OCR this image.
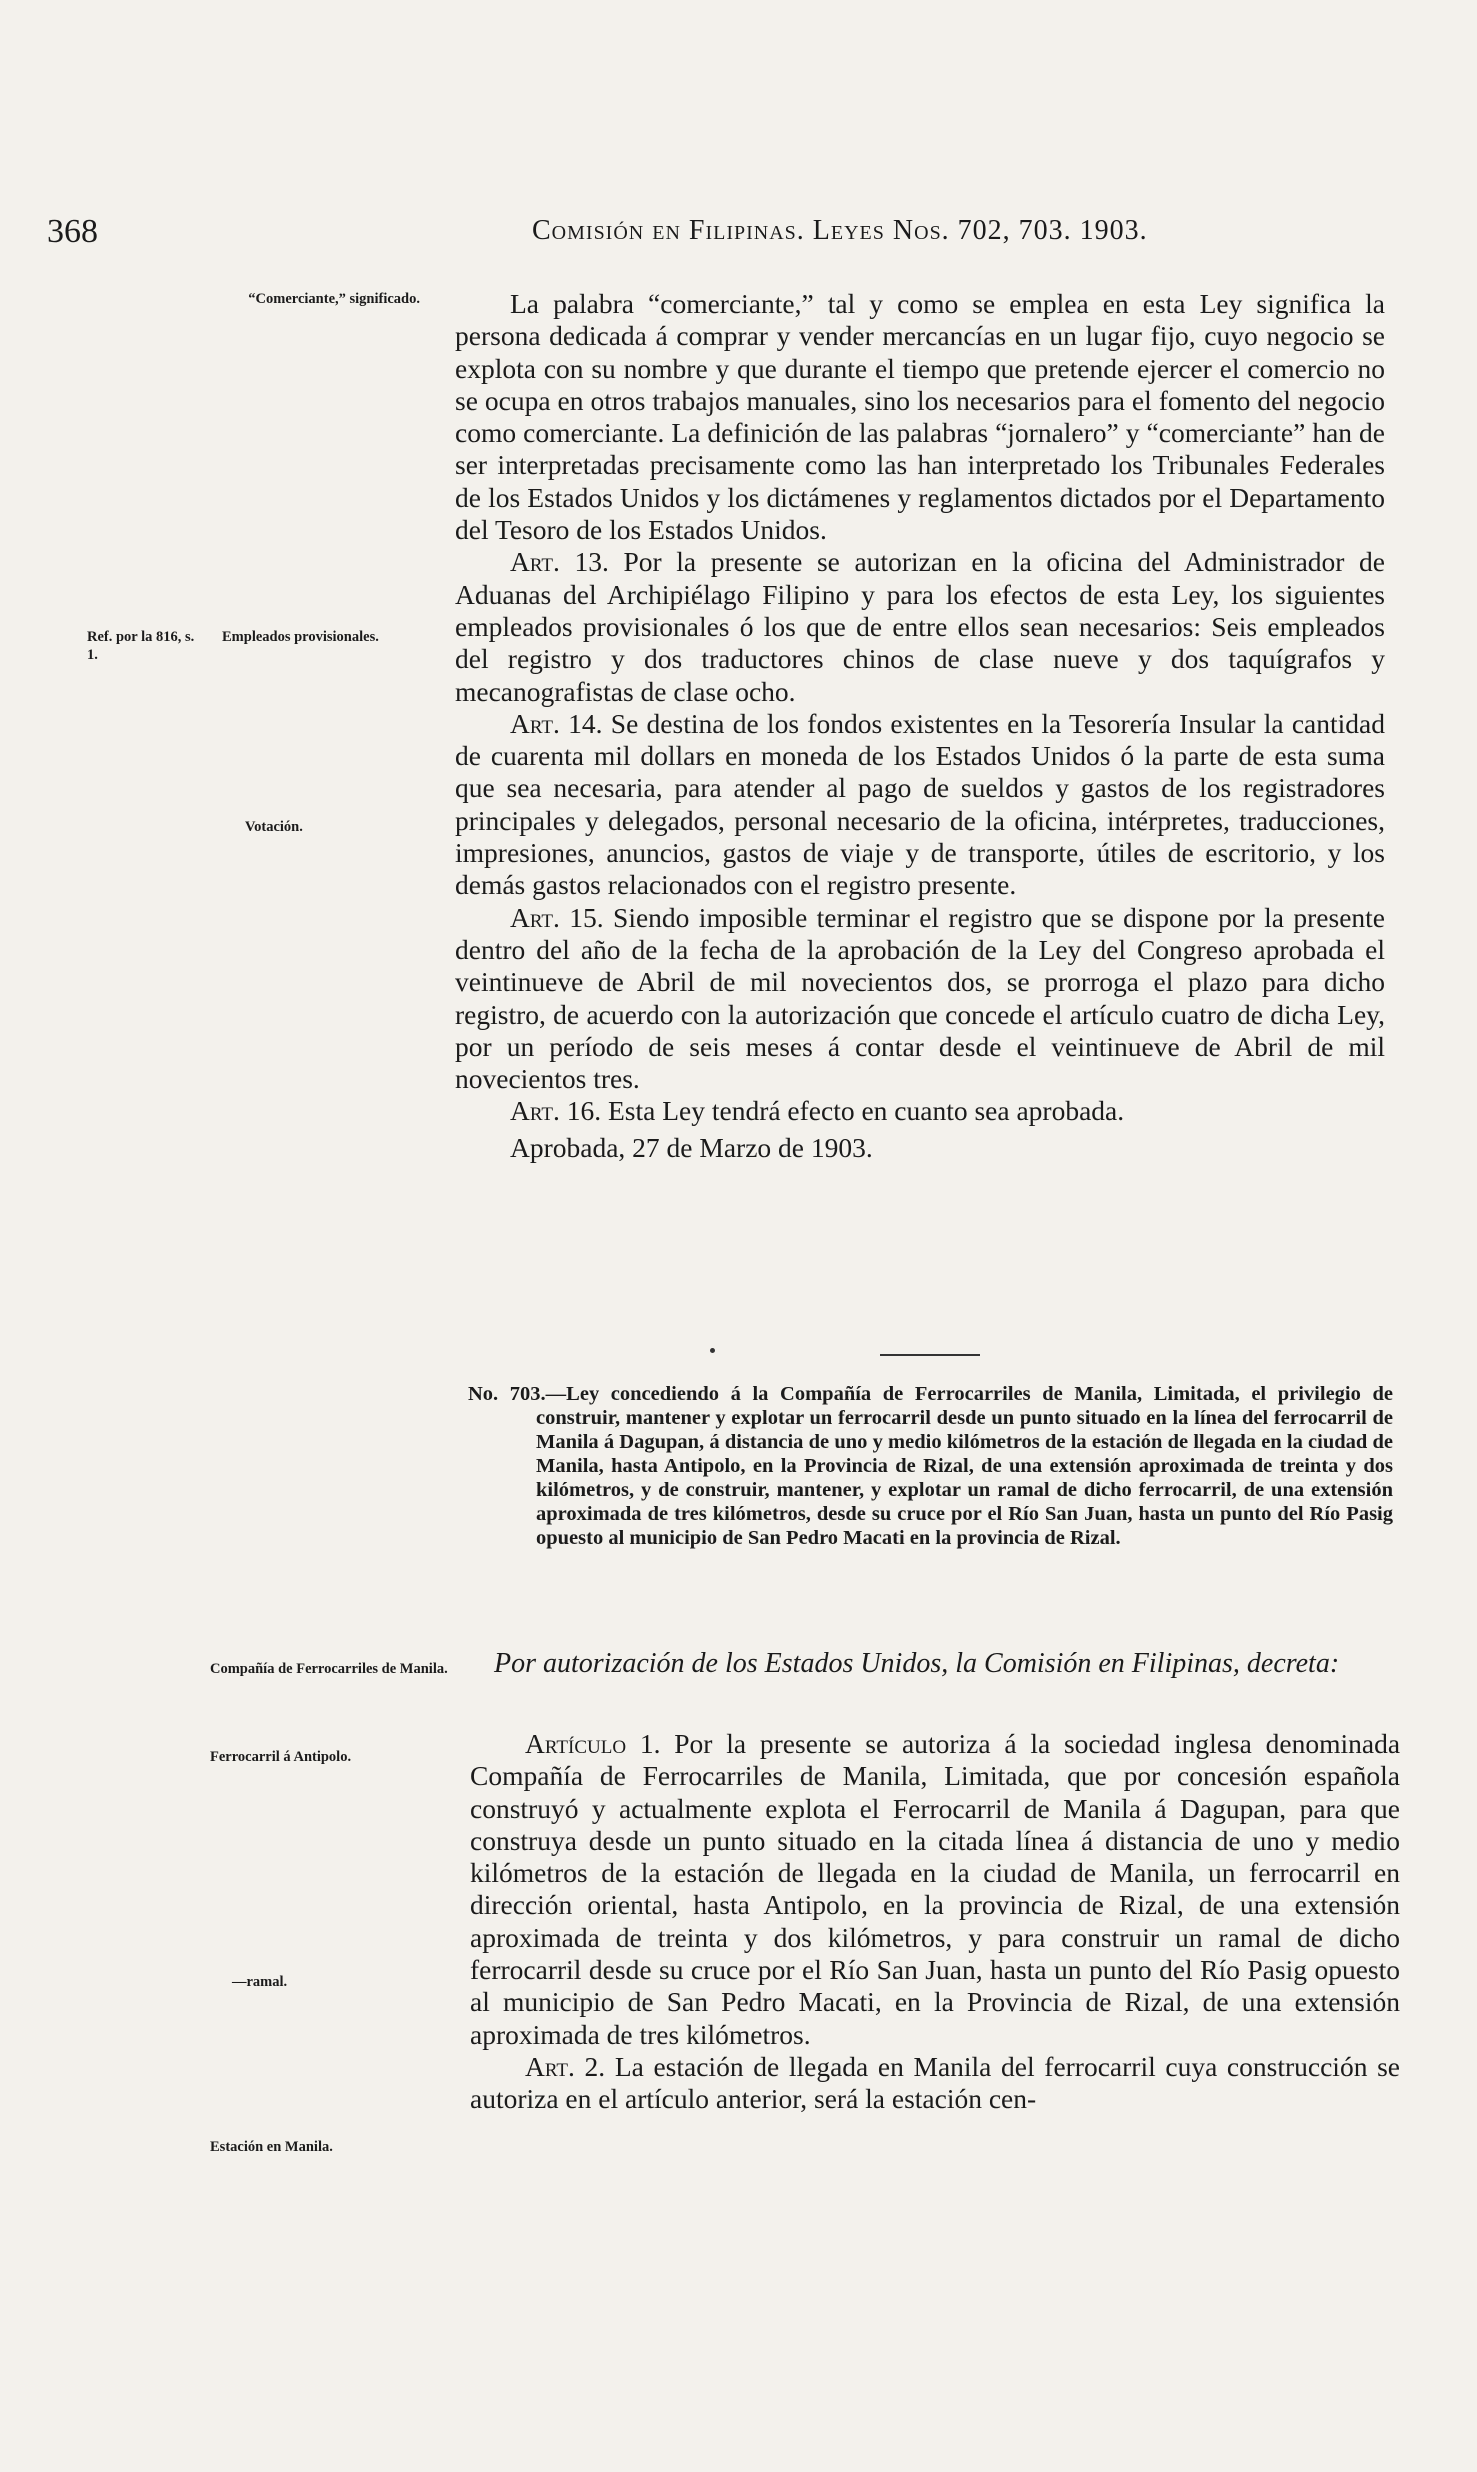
368	Comisión en Filipinas. Leyes Nos. 702, 703. 1903.
“Comerciante,” significado.
Ref. por la 816, s. 1.
Empleados provisionales.
Votación.
Compañía de Ferrocarriles de Manila.
Ferrocarril á Antipolo.
—ramal.
Estación en Manila.

La palabra “comerciante,” tal y como se emplea en esta Ley significa la persona dedicada á comprar y vender mercancías en un lugar fijo, cuyo negocio se explota con su nombre y que durante el tiempo que pretende ejercer el comercio no se ocupa en otros trabajos manuales, sino los necesarios para el fomento del negocio como comerciante. La definición de las palabras “jornalero” y “comerciante” han de ser interpretadas precisamente como las han interpretado los Tribunales Federales de los Estados Unidos y los dictámenes y reglamentos dictados por el Departamento del Tesoro de los Estados Unidos.

Art. 13. Por la presente se autorizan en la oficina del Administrador de Aduanas del Archipiélago Filipino y para los efectos de esta Ley, los siguientes empleados provisionales ó los que de entre ellos sean necesarios: Seis empleados del registro y dos traductores chinos de clase nueve y dos taquígrafos y mecanografistas de clase ocho.

Art. 14. Se destina de los fondos existentes en la Tesorería Insular la cantidad de cuarenta mil dollars en moneda de los Estados Unidos ó la parte de esta suma que sea necesaria, para atender al pago de sueldos y gastos de los registradores principales y delegados, personal necesario de la oficina, intérpretes, traducciones, impresiones, anuncios, gastos de viaje y de transporte, útiles de escritorio, y los demás gastos relacionados con el registro presente.

Art. 15. Siendo imposible terminar el registro que se dispone por la presente dentro del año de la fecha de la aprobación de la Ley del Congreso aprobada el veintinueve de Abril de mil novecientos dos, se prorroga el plazo para dicho registro, de acuerdo con la autorización que concede el artículo cuatro de dicha Ley, por un período de seis meses á contar desde el veintinueve de Abril de mil novecientos tres.

Art. 16. Esta Ley tendrá efecto en cuanto sea aprobada.

Aprobada, 27 de Marzo de 1903.

No. 703.—Ley concediendo á la Compañía de Ferrocarriles de Manila, Limitada, el privilegio de construir, mantener y explotar un ferrocarril desde un punto situado en la línea del ferrocarril de Manila á Dagupan, á distancia de uno y medio kilómetros de la estación de llegada en la ciudad de Manila, hasta Antipolo, en la Provincia de Rizal, de una extensión aproximada de treinta y dos kilómetros, y de construir, mantener, y explotar un ramal de dicho ferrocarril, de una extensión aproximada de tres kilómetros, desde su cruce por el Río San Juan, hasta un punto del Río Pasig opuesto al municipio de San Pedro Macati en la provincia de Rizal.
Por autorización de los Estados Unidos, la Comisión en Filipinas, decreta:

Artículo 1. Por la presente se autoriza á la sociedad inglesa denominada Compañía de Ferrocarriles de Manila, Limitada, que por concesión española construyó y actualmente explota el Ferrocarril de Manila á Dagupan, para que construya desde un punto situado en la citada línea á distancia de uno y medio kilómetros de la estación de llegada en la ciudad de Manila, un ferrocarril en dirección oriental, hasta Antipolo, en la provincia de Rizal, de una extensión aproximada de treinta y dos kilómetros, y para construir un ramal de dicho ferrocarril desde su cruce por el Río San Juan, hasta un punto del Río Pasig opuesto al municipio de San Pedro Macati, en la Provincia de Rizal, de una extensión aproximada de tres kilómetros.

Art. 2. La estación de llegada en Manila del ferrocarril cuya construcción se autoriza en el artículo anterior, será la estación cen-
